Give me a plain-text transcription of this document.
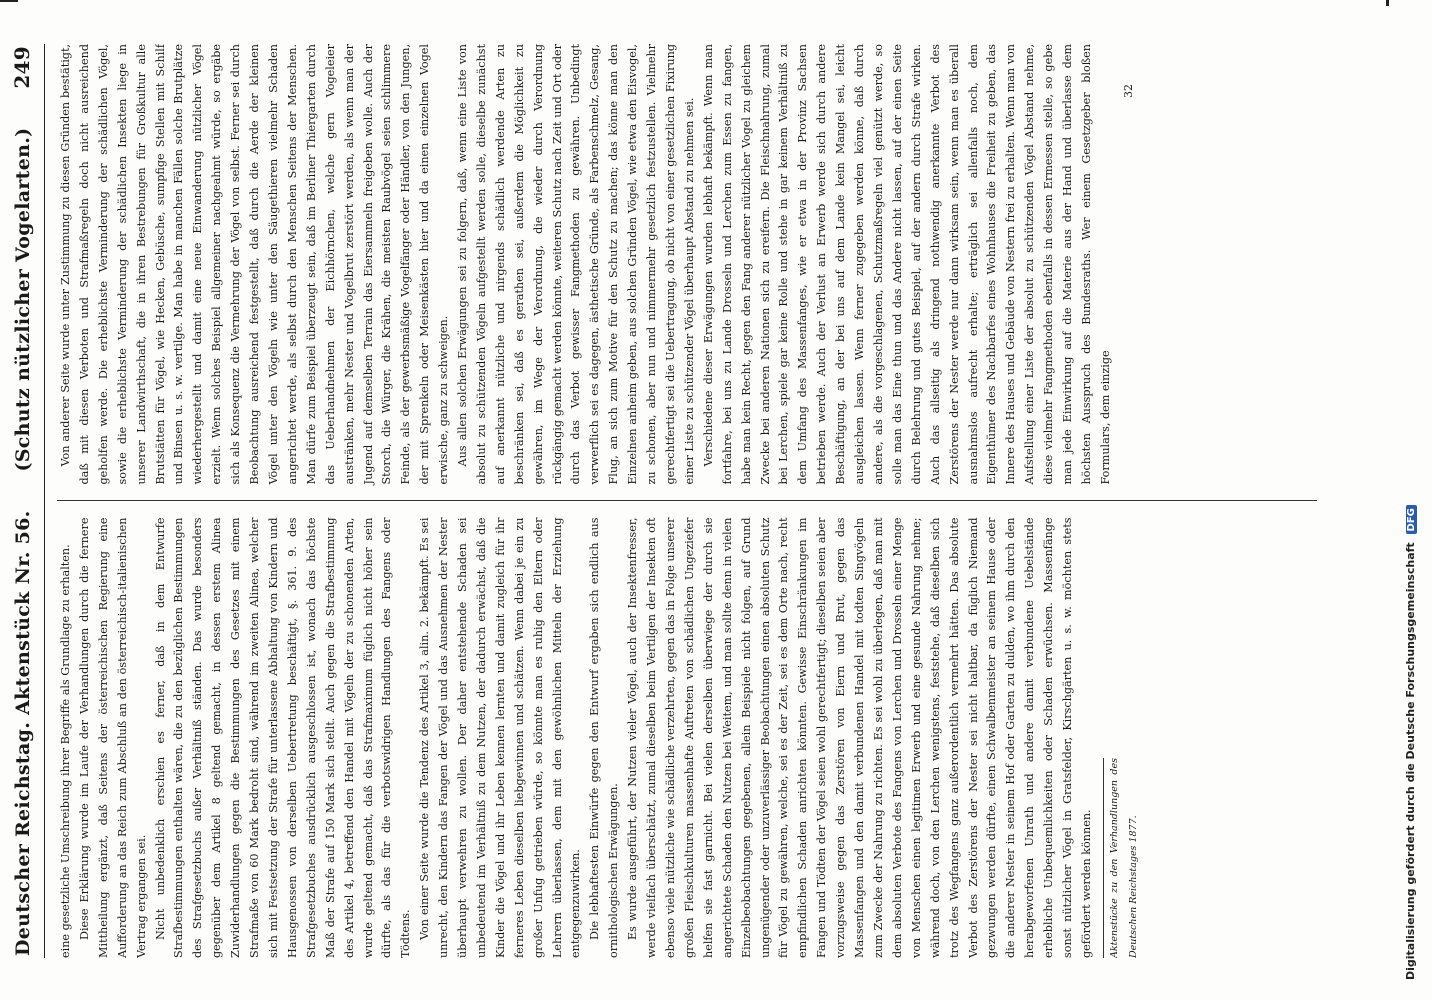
Deutscher Reichstag. Aktenstück Nr. 56.
(Schutz nützlicher Vogelarten.)
249

eine gesetzliche Umschreibung ihrer Begriffe als Grundlage zu erhalten. Diese Erklärung wurde im Laufe der Verhandlungen durch die fernere Mittheilung ergänzt, daß Seitens der österreichischen Regierung eine Aufforderung an das Reich zum Abschluß an den österreichisch-italienischen Vertrag ergangen sei. Nicht unbedenklich erschien es ferner, daß in dem Entwurfe Strafbestimmungen enthalten wären, die zu den bezüglichen Bestimmungen des Strafgesetzbuchs außer Verhältniß ständen. Das wurde besonders gegenüber dem Artikel 8 geltend gemacht, in dessen erstem Alinea Zuwiderhandlungen gegen die Bestimmungen des Gesetzes mit einem Strafmaße von 60 Mark bedroht sind, während im zweiten Alinea, welcher sich mit Festsetzung der Strafe für unterlassene Abhaltung von Kindern und Hausgenossen von derselben Uebertretung beschäftigt, §. 361. 9. des Strafgesetzbuches ausdrücklich ausgeschlossen ist, wonach das höchste Maß der Strafe auf 150 Mark sich stellt. Auch gegen die Strafbestimmung des Artikel 4, betreffend den Handel mit Vögeln der zu schonenden Arten, wurde geltend gemacht, daß das Strafmaximum füglich nicht höher sein dürfte, als das für die verbotswidrigen Handlungen des Fangens oder Tödtens. Von einer Seite wurde die Tendenz des Artikel 3, alin. 2. bekämpft. Es sei unrecht, den Kindern das Fangen der Vögel und das Ausnehmen der Nester überhaupt verwehren zu wollen. Der daher entstehende Schaden sei unbedeutend im Verhältniß zu dem Nutzen, der dadurch erwächst, daß die Kinder die Vögel und ihr Leben kennen lernten und damit zugleich für ihr ferneres Leben dieselben liebgewinnen und schätzen. Wenn dabei je ein zu großer Unfug getrieben würde, so könnte man es ruhig den Eltern oder Lehrern überlassen, dem mit den gewöhnlichen Mitteln der Erziehung entgegenzuwirken. Die lebhaftesten Einwürfe gegen den Entwurf ergaben sich endlich aus ornithologischen Erwägungen. Es wurde ausgeführt, der Nutzen vieler Vögel, auch der Insektenfresser, werde vielfach überschätzt, zumal dieselben beim Vertilgen der Insekten oft ebenso viele nützliche wie schädliche verzehrten, gegen das in Folge unserer großen Fleischkulturen massenhafte Auftreten von schädlichen Ungeziefer helfen sie fast garnicht. Bei vielen derselben überwiege der durch sie angerichtete Schaden den Nutzen bei Weitem, und man sollte denn in vielen Einzelbeobachtungen gegebenen, allein Beispiele nicht folgen, auf Grund ungenügender oder unzuverlässiger Beobachtungen einen absoluten Schutz für Vögel zu gewähren, welche, sei es der Zeit, sei es dem Orte nach, recht empfindlichen Schaden anrichten könnten. Gewisse Einschränkungen im Fangen und Tödten der Vögel seien wohl gerechtfertigt; dieselben seien aber vorzugsweise gegen das Zerstören von Eiern und Brut, gegen das Massenfangen und den damit verbundenen Handel mit todten Singvögeln zum Zwecke der Nahrung zu richten. Es sei wohl zu überlegen, daß man mit dem absoluten Verbote des Fangens von Lerchen und Drosseln einer Menge von Menschen einen legitimen Erwerb und eine gesunde Nahrung nehme; während doch, von den Lerchen wenigstens, feststehe, daß dieselben sich trotz des Wegfangens ganz außerordentlich vermehrt hätten. Das absolute Verbot des Zerstörens der Nester sei nicht haltbar, da füglich Niemand gezwungen werden dürfte, einen Schwalbenmeister an seinem Hause oder die anderer Nester in seinem Hof oder Garten zu dulden, wo ihm durch den herabgeworfenen Unrath und andere damit verbundene Uebelstände erhebliche Unbequemlichkeiten oder Schaden erwüchsen. Massenfänge sonst nützlicher Vögel in Gratsfelder, Kirschgärten u. s. w. möchten stets gefördert werden können.	Aktenstücke zu den Verhandlungen des Deutschen Reichstages 1877.

Von anderer Seite wurde unter Zustimmung zu diesen Gründen bestätigt, daß mit diesen Verboten und Strafmaßregeln doch nicht ausreichend geholfen werde. Die erheblichste Verminderung der schädlichen Vögel, sowie die erheblichste Verminderung der schädlichen Insekten liege in unserer Landwirthschaft, die in ihren Bestrebungen für Großkultur alle Brutstätten für Vögel, wie Hecken, Gebüsche, sumpfige Stellen mit Schilf und Binsen u. s. w. vertilge. Man habe in manchen Fällen solche Brutplätze wiederhergestellt und damit eine neue Einwanderung nützlicher Vögel erzielt. Wenn solches Beispiel allgemeiner nachgeahmt würde, so ergäbe sich als Konsequenz die Vermehrung der Vögel von selbst. Ferner sei durch Beobachtung ausreichend festgestellt, daß durch die Aerde der kleinen Vögel unter den Vögeln wie unter den Säugethieren vielmehr Schaden angerichtet werde, als selbst durch den Menschen Seitens der Menschen. Man dürfe zum Beispiel überzeugt sein, daß im Berliner Thiergarten durch das Ueberhandnehmen der Eichhörnchen, welche gern Vogeleier austränken, mehr Nester und Vogelbrut zerstört werden, als wenn man der Jugend auf demselben Terrain das Eiersammeln freigeben wolle. Auch der Storch, die Würger, die Krähen, die meisten Raubvögel seien schlimmere Feinde, als der gewerbsmäßige Vogelfänger oder Händler, von den Jungen, der mit Sprenkeln oder Meisenkästen hier und da einen einzelnen Vogel erwische, ganz zu schweigen. Aus allen solchen Erwägungen sei zu folgern, daß, wenn eine Liste von absolut zu schützenden Vögeln aufgestellt werden solle, dieselbe zunächst auf anerkannt nützliche und nirgends schädlich werdende Arten zu beschränken sei, daß es gerathen sei, außerdem die Möglichkeit zu gewähren, im Wege der Verordnung, die wieder durch Verordnung rückgängig gemacht werden könnte, weiteren Schutz nach Zeit und Ort oder durch das Verbot gewisser Fangmethoden zu gewähren. Unbedingt verwerflich sei es dagegen, ästhetische Gründe, als Farbenschmelz, Gesang, Flug, an sich zum Motive für den Schutz zu machen; das könne man den Einzelnen anheim geben, aus solchen Gründen Vögel, wie etwa den Eisvogel, zu schonen, aber nun und nimmermehr gesetzlich festzustellen. Vielmehr gerechtfertigt sei die Uebertragung, ob nicht von einer gesetzlichen Fixirung einer Liste zu schützender Vögel überhaupt Abstand zu nehmen sei. Verschiedene dieser Erwägungen wurden lebhaft bekämpft. Wenn man fortfahre, bei uns zu Lande Drosseln und Lerchen zum Essen zu fangen, habe man kein Recht, gegen den Fang anderer nützlicher Vogel zu gleichem Zwecke bei anderen Nationen sich zu ereifern. Die Fleischnahrung, zumal bei Lerchen, spiele gar keine Rolle und stehe in gar keinem Verhältniß zu dem Umfang des Massenfanges, wie er etwa in der Provinz Sachsen betrieben werde. Auch der Verlust an Erwerb werde sich durch andere Beschäftigung, an der bei uns auf dem Lande kein Mangel sei, leicht ausgleichen lassen. Wenn ferner zugegeben werden könne, daß durch andere, als die vorgeschlagenen, Schutzmaßregeln viel genützt werde, so solle man das Eine thun und das Andere nicht lassen, auf der einen Seite durch Belehrung und gutes Beispiel, auf der andern durch Strafe wirken. Auch das allseitig als dringend nothwendig anerkannte Verbot des Zerstörens der Nester werde nur dann wirksam sein, wenn man es überall ausnahmslos aufrecht erhalte; erträglich sei allenfalls noch, dem Eigenthümer des Nachbarfes eines Wohnhauses die Freiheit zu geben, das Innere des Hauses und Gebäude von Nestern frei zu erhalten. Wenn man von Aufstellung einer Liste der absolut zu schützenden Vögel Abstand nehme, diese vielmehr Fangmethoden ebenfalls in dessen Ermessen stelle, so gebe man jede Einwirkung auf die Materie aus der Hand und überlasse dem höchsten Ausspruch des Bundesraths. Wer einem Gesetzgeber bloßen Formulars, dem einzige

32
Digitalisierung gefördert durch die Deutsche Forschungsgemeinschaft DFG
